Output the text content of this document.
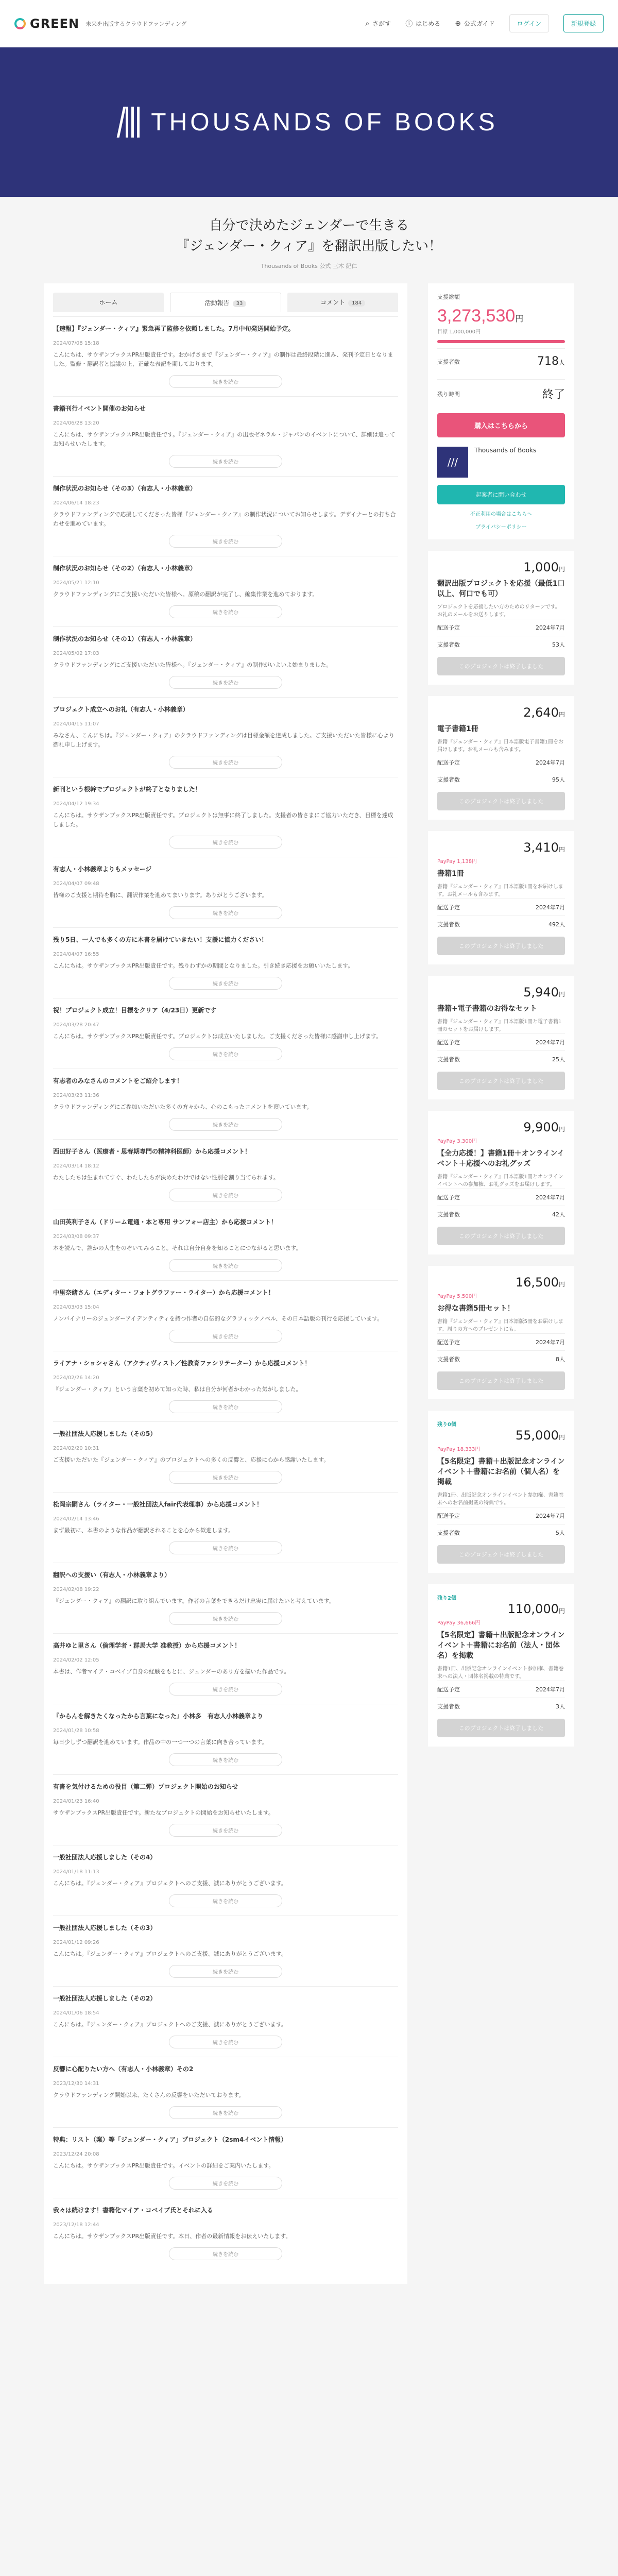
GREEN 未来を出版するクラウドファンディング	⌕ さがす ⓘ はじめる ⊕ 公式ガイド	ログイン	新規登録
THOUSANDS OF BOOKS
自分で決めたジェンダーで生きる
『ジェンダー・クィア』を翻訳出版したい！
Thousands of Books 公式 三木 紀仁
ホーム	活動報告 33	コメント 184
【速報】『ジェンダー・クィア』緊急再了監修を依頼しました。7月中旬発送開始予定。
2024/07/08 15:18
こんにちは、サウザンブックスPR出版責任です。おかげさまで『ジェンダー・クィア』の制作は最終段階に進み、発刊予定日となりました。監修・翻訳者と協議の上、正確な表記を期しております。
続きを読む
書籍刊行イベント開催のお知らせ
2024/06/28 13:20
こんにちは、サウザンブックスPR出版責任です。『ジェンダー・クィア』の出版ゼネラル・ジャパンのイベントについて、詳細は追ってお知らせいたします。
続きを読む
制作状況のお知らせ（その3）（有志人・小林義章）
2024/06/14 18:23
クラウドファンディングで応援してくださった皆様『ジェンダー・クィア』の制作状況についてお知らせします。デザイナーとの打ち合わせを進めています。
続きを読む
制作状況のお知らせ（その2）（有志人・小林義章）
2024/05/21 12:10
クラウドファンディングにご支援いただいた皆様へ。原稿の翻訳が完了し、編集作業を進めております。
続きを読む
制作状況のお知らせ（その1）（有志人・小林義章）
2024/05/02 17:03
クラウドファンディングにご支援いただいた皆様へ。『ジェンダー・クィア』の制作がいよいよ始まりました。
続きを読む
プロジェクト成立へのお礼（有志人・小林義章）
2024/04/15 11:07
みなさん、こんにちは。『ジェンダー・クィア』のクラウドファンディングは目標金額を達成しました。ご支援いただいた皆様に心より御礼申し上げます。
続きを読む
新刊という根幹でプロジェクトが終了となりました！
2024/04/12 19:34
こんにちは。サウザンブックスPR出版責任です。プロジェクトは無事に終了しました。支援者の皆さまにご協力いただき、目標を達成しました。
続きを読む
有志人・小林義章よりもメッセージ
2024/04/07 09:48
皆様のご支援と期待を胸に、翻訳作業を進めてまいります。ありがとうございます。
続きを読む
残り5日、一人でも多くの方に本書を届けていきたい！支援に協力ください！
2024/04/07 16:55
こんにちは。サウザンブックスPR出版責任です。残りわずかの期間となりました。引き続き応援をお願いいたします。
続きを読む
祝！プロジェクト成立！目標をクリア（4/23日）更新です
2024/03/28 20:47
こんにちは。サウザンブックスPR出版責任です。プロジェクトは成立いたしました。ご支援くださった皆様に感謝申し上げます。
続きを読む
有志者のみなさんのコメントをご紹介します！
2024/03/23 11:36
クラウドファンディングにご参加いただいた多くの方々から、心のこもったコメントを頂いています。
続きを読む
西田好子さん（医療者・思春期専門の精神科医師）から応援コメント！
2024/03/14 18:12
わたしたちは生まれてすぐ、わたしたちが決めたわけではない性別を割り当てられます。
続きを読む
山田英利子さん（ドリーム電通・本と専用 サンフォー店主）から応援コメント！
2024/03/08 09:37
本を読んで、誰かの人生をのぞいてみること。それは自分自身を知ることにつながると思います。
続きを読む
中里奈緒さん（エディター・フォトグラファー・ライター）から応援コメント！
2024/03/03 15:04
ノンバイナリーのジェンダーアイデンティティを持つ作者の自伝的なグラフィックノベル、その日本語版の刊行を応援しています。
続きを読む
ライアナ・ショシャさん（アクティヴィスト／性教育ファシリテーター）から応援コメント！
2024/02/26 14:20
『ジェンダー・クィア』という言葉を初めて知った時、私は自分が何者かわかった気がしました。
続きを読む
一般社団法人応援しました（その5）
2024/02/20 10:31
ご支援いただいた『ジェンダー・クィア』のプロジェクトへの多くの反響と、応援に心から感謝いたします。
続きを読む
松岡宗嗣さん（ライター・一般社団法人fair代表理事）から応援コメント！
2024/02/14 13:46
まず最初に、本書のような作品が翻訳されることを心から歓迎します。
続きを読む
翻訳への支援い（有志人・小林義章より）
2024/02/08 19:22
『ジェンダー・クィア』の翻訳に取り組んでいます。作者の言葉をできるだけ忠実に届けたいと考えています。
続きを読む
高井ゆと里さん（倫理学者・群馬大学 准教授）から応援コメント！
2024/02/02 12:05
本書は、作者マイア・コベイブ自身の経験をもとに、ジェンダーのあり方を描いた作品です。
続きを読む
『からんを解きたくなったから言葉になった』小林多　有志人小林義章より
2024/01/28 10:58
毎日少しずつ翻訳を進めています。作品の中の一つ一つの言葉に向き合っています。
続きを読む
有書を気付けるための役目（第二弾）プロジェクト開始のお知らせ
2024/01/23 16:40
サウザンブックスPR出版責任です。新たなプロジェクトの開始をお知らせいたします。
続きを読む
一般社団法人応援しました（その4）
2024/01/18 11:13
こんにちは。『ジェンダー・クィア』プロジェクトへのご支援、誠にありがとうございます。
続きを読む
一般社団法人応援しました（その3）
2024/01/12 09:26
こんにちは。『ジェンダー・クィア』プロジェクトへのご支援、誠にありがとうございます。
続きを読む
一般社団法人応援しました（その2）
2024/01/06 18:54
こんにちは。『ジェンダー・クィア』プロジェクトへのご支援、誠にありがとうございます。
続きを読む
反響に心配りたい方へ（有志人・小林義章）その2
2023/12/30 14:31
クラウドファンディング開始以来、たくさんの反響をいただいております。
続きを読む
特典：リスト（案）等「ジェンダー・クィア」プロジェクト（2sm4イベント情報）
2023/12/24 20:08
こんにちは。サウザンブックスPR出版責任です。イベントの詳細をご案内いたします。
続きを読む
我々は続けます！書籍化マイア・コベイブ氏とそれに入る
2023/12/18 12:44
こんにちは。サウザンブックスPR出版責任です。本日、作者の最新情報をお伝えいたします。
続きを読む
支援総額
3,273,530円
目標 1,000,000円
支援者数	718人
残り時間	終了
購入はこちらから
///
Thousands of Books
起案者に問い合わせ
不正利用の場合はこちらへ
プライバシーポリシー
1,000円
翻訳出版プロジェクトを応援（最低1口以上、何口でも可）
プロジェクトを応援したい方のためのリターンです。お礼のメールをお送りします。
配送予定	2024年7月
支援者数	53人
このプロジェクトは終了しました
2,640円
電子書籍1冊
書籍『ジェンダー・クィア』日本語版電子書籍1冊をお届けします。お礼メールも含みます。
配送予定	2024年7月
支援者数	95人
このプロジェクトは終了しました
3,410円
PayPay 1,138円
書籍1冊
書籍『ジェンダー・クィア』日本語版1冊をお届けします。お礼メールも含みます。
配送予定	2024年7月
支援者数	492人
このプロジェクトは終了しました
5,940円
書籍+電子書籍のお得なセット
書籍『ジェンダー・クィア』日本語版1冊と電子書籍1冊のセットをお届けします。
配送予定	2024年7月
支援者数	25人
このプロジェクトは終了しました
9,900円
PayPay 3,300円
【全力応援！】書籍1冊＋オンラインイベント＋応援へのお礼グッズ
書籍『ジェンダー・クィア』日本語版1冊とオンラインイベントへの参加権、お礼グッズをお届けします。
配送予定	2024年7月
支援者数	42人
このプロジェクトは終了しました
16,500円
PayPay 5,500円
お得な書籍5冊セット！
書籍『ジェンダー・クィア』日本語版5冊をお届けします。周りの方へのプレゼントにも。
配送予定	2024年7月
支援者数	8人
このプロジェクトは終了しました
残り0個
55,000円
PayPay 18,333円
【5名限定】書籍＋出版記念オンラインイベント＋書籍にお名前（個人名）を掲載
書籍1冊、出版記念オンラインイベント参加権、書籍巻末へのお名前掲載の特典です。
配送予定	2024年7月
支援者数	5人
このプロジェクトは終了しました
残り2個
110,000円
PayPay 36,666円
【5名限定】書籍＋出版記念オンラインイベント＋書籍にお名前（法人・団体名）を掲載
書籍1冊、出版記念オンラインイベント参加権、書籍巻末への法人・団体名掲載の特典です。
配送予定	2024年7月
支援者数	3人
このプロジェクトは終了しました
